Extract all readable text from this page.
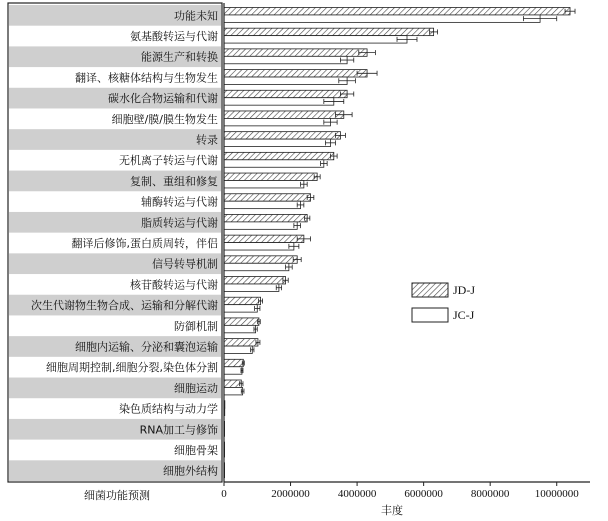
功能未知
氨基酸转运与代谢
能源生产和转换
翻译、核糖体结构与生物发生
碳水化合物运输和代谢
细胞壁/膜/膜生物发生
转录
无机离子转运与代谢
复制、重组和修复
辅酶转运与代谢
脂质转运与代谢
翻译后修饰,蛋白质周转，伴侣
信号转导机制
核苷酸转运与代谢
次生代谢物生物合成、运输和分解代谢
防御机制
细胞内运输、分泌和囊泡运输
细胞周期控制,细胞分裂,染色体分割
细胞运动
染色质结构与动力学
RNA加工与修饰
细胞骨架
细胞外结构
0	2000000	4000000	6000000	8000000 10000000
细菌功能预测
丰度
JD-J
JC-J
